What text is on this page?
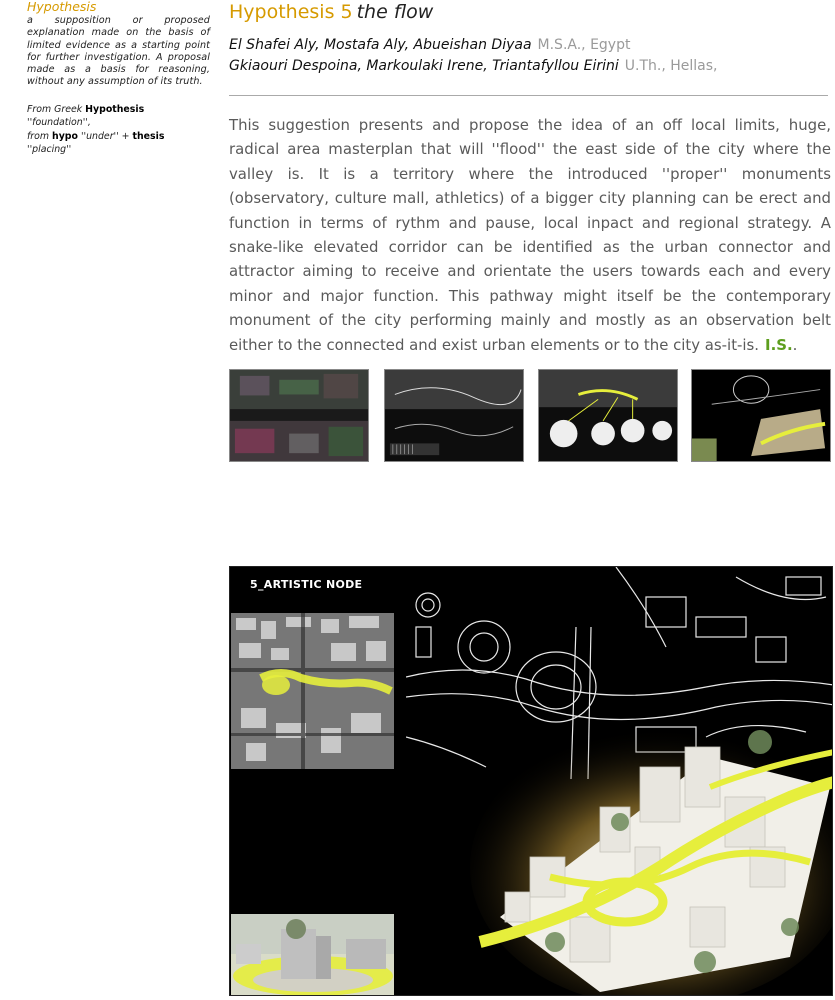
Hypothesis
a supposition or proposed explanation made on the basis of limited evidence as a starting point for further investigation. A proposal made as a basis for reasoning, without any assumption of its truth.
From Greek Hypothesis ''foundation'',
from hypo ''under'' + thesis ''placing''
Hypothesis 5 the flow
El Shafei Aly, Mostafa Aly, Abueishan Diyaa M.S.A., Egypt
Gkiaouri Despoina, Markoulaki Irene, Triantafyllou Eirini U.Th., Hellas,
This suggestion presents and propose the idea of an off local limits, huge, radical area masterplan that will ''flood'' the east side of the city where the valley is. It is a territory where the introduced ''proper'' monuments (observatory, culture mall, athletics) of a bigger city planning can be erect and function in terms of rythm and pause, local inpact and regional strategy. A snake-like elevated corridor can be identified as the urban connector and attractor aiming to receive and orientate the users towards each and every minor and major function. This pathway might itself be the contemporary monument of the city performing mainly and mostly as an observation belt either to the connected and exist urban elements or to the city as-it-is. I.S..
5_ARTISTIC NODE
